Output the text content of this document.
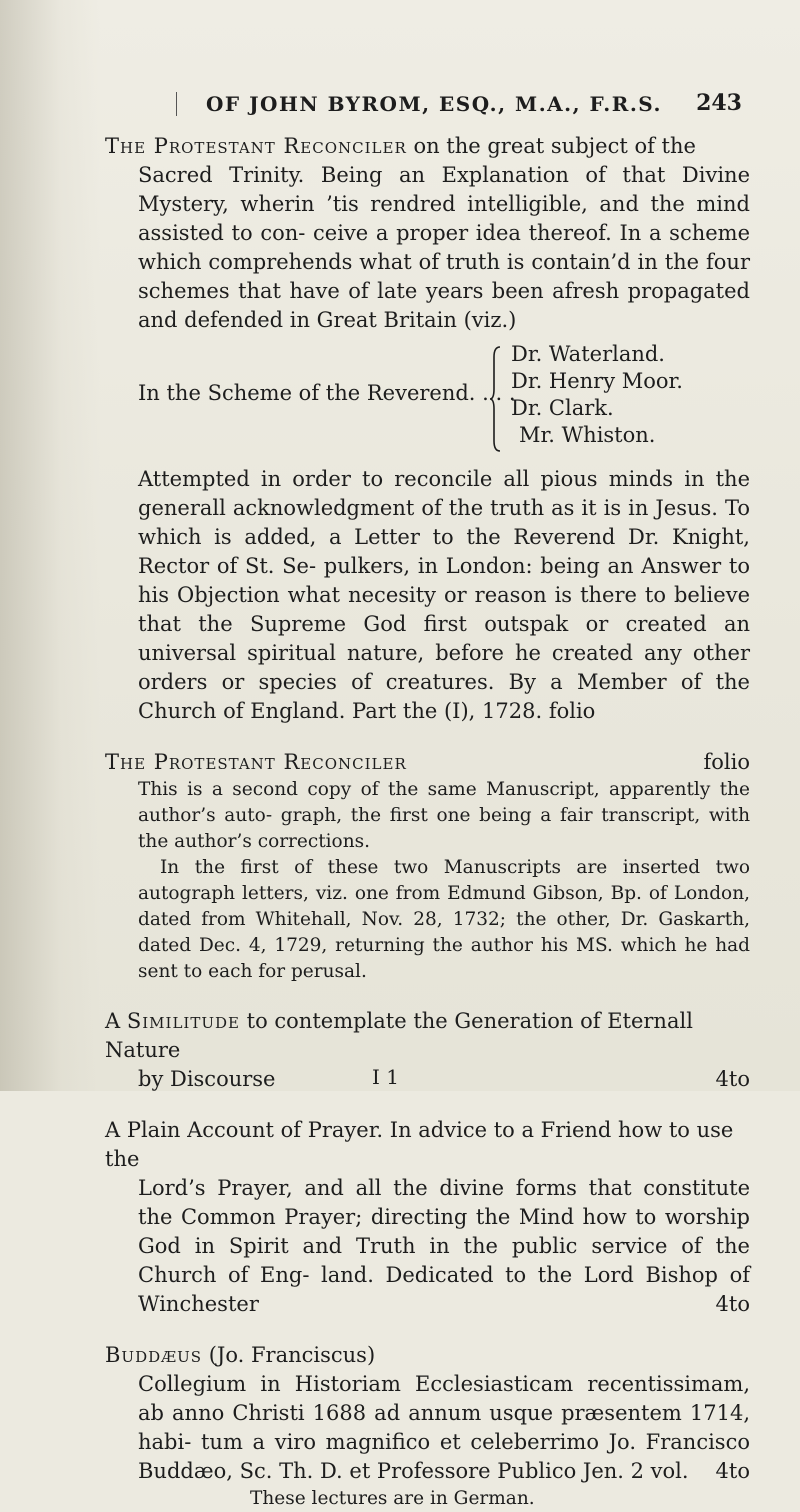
OF JOHN BYROM, ESQ., M.A., F.R.S. 243

The Protestant Reconciler on the great subject of the

Sacred Trinity. Being an Explanation of that Divine Mystery, wherin ’tis rendred intelligible, and the mind assisted to con- ceive a proper idea thereof. In a scheme which comprehends what of truth is contain’d in the four schemes that have of late years been afresh propagated and defended in Great Britain (viz.)

In the Scheme of the Reverend. . . .
Dr. Waterland.
Dr. Henry Moor.
Dr. Clark.
Mr. Whiston.

Attempted in order to reconcile all pious minds in the generall acknowledgment of the truth as it is in Jesus. To which is added, a Letter to the Reverend Dr. Knight, Rector of St. Se- pulkers, in London: being an Answer to his Objection what necesity or reason is there to believe that the Supreme God first outspak or created an universal spiritual nature, before he created any other orders or species of creatures. By a Member of the Church of England. Part the (I), 1728. folio

The Protestant Reconciler	folio

This is a second copy of the same Manuscript, apparently the author’s auto- graph, the first one being a fair transcript, with the author’s corrections.

In the first of these two Manuscripts are inserted two autograph letters, viz. one from Edmund Gibson, Bp. of London, dated from Whitehall, Nov. 28, 1732; the other, Dr. Gaskarth, dated Dec. 4, 1729, returning the author his MS. which he had sent to each for perusal.

A Similitude to contemplate the Generation of Eternall Nature

by Discourse	4to

A Plain Account of Prayer. In advice to a Friend how to use the

Lord’s Prayer, and all the divine forms that constitute the Common Prayer; directing the Mind how to worship God in Spirit and Truth in the public service of the Church of Eng- land. Dedicated to the Lord Bishop of Winchester	4to

Buddæus (Jo. Franciscus)

Collegium in Historiam Ecclesiasticam recentissimam, ab anno Christi 1688 ad annum usque præsentem 1714, habi- tum a viro magnifico et celeberrimo Jo. Francisco Buddæo, Sc. Th. D. et Professore Publico Jen. 2 vol. 4to

These lectures are in German.

I 1
